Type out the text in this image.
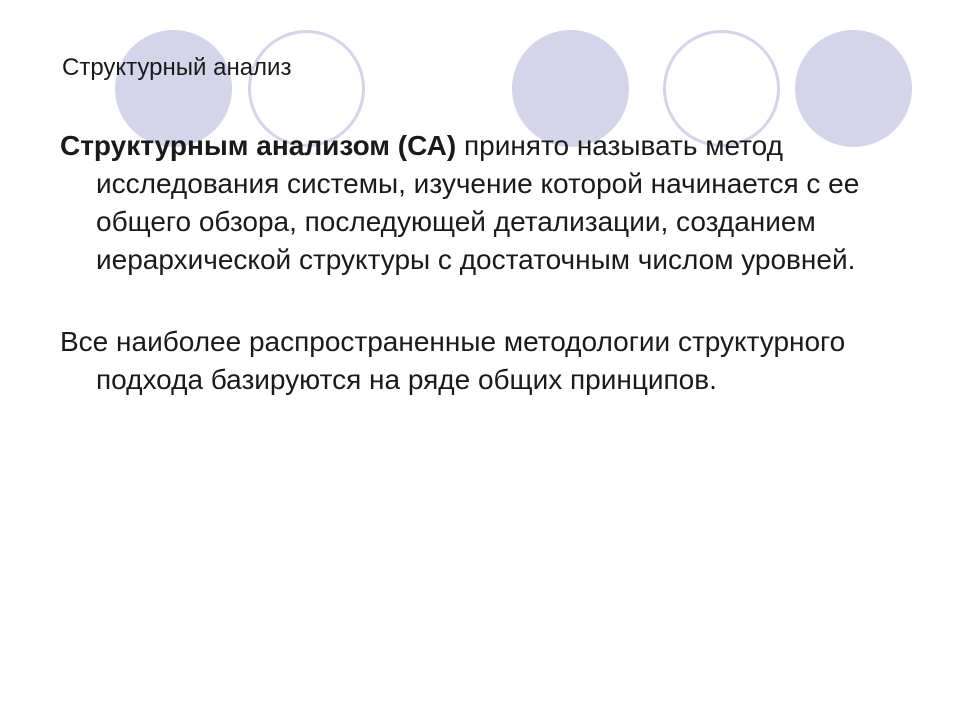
Структурный анализ

Структурным анализом (СА) принято называть метод исследования системы, изучение которой начинается с ее общего обзора, последующей детализации, созданием иерархической структуры с достаточным числом уровней.

Все наиболее распространенные методологии структурного подхода базируются на ряде общих принципов.
